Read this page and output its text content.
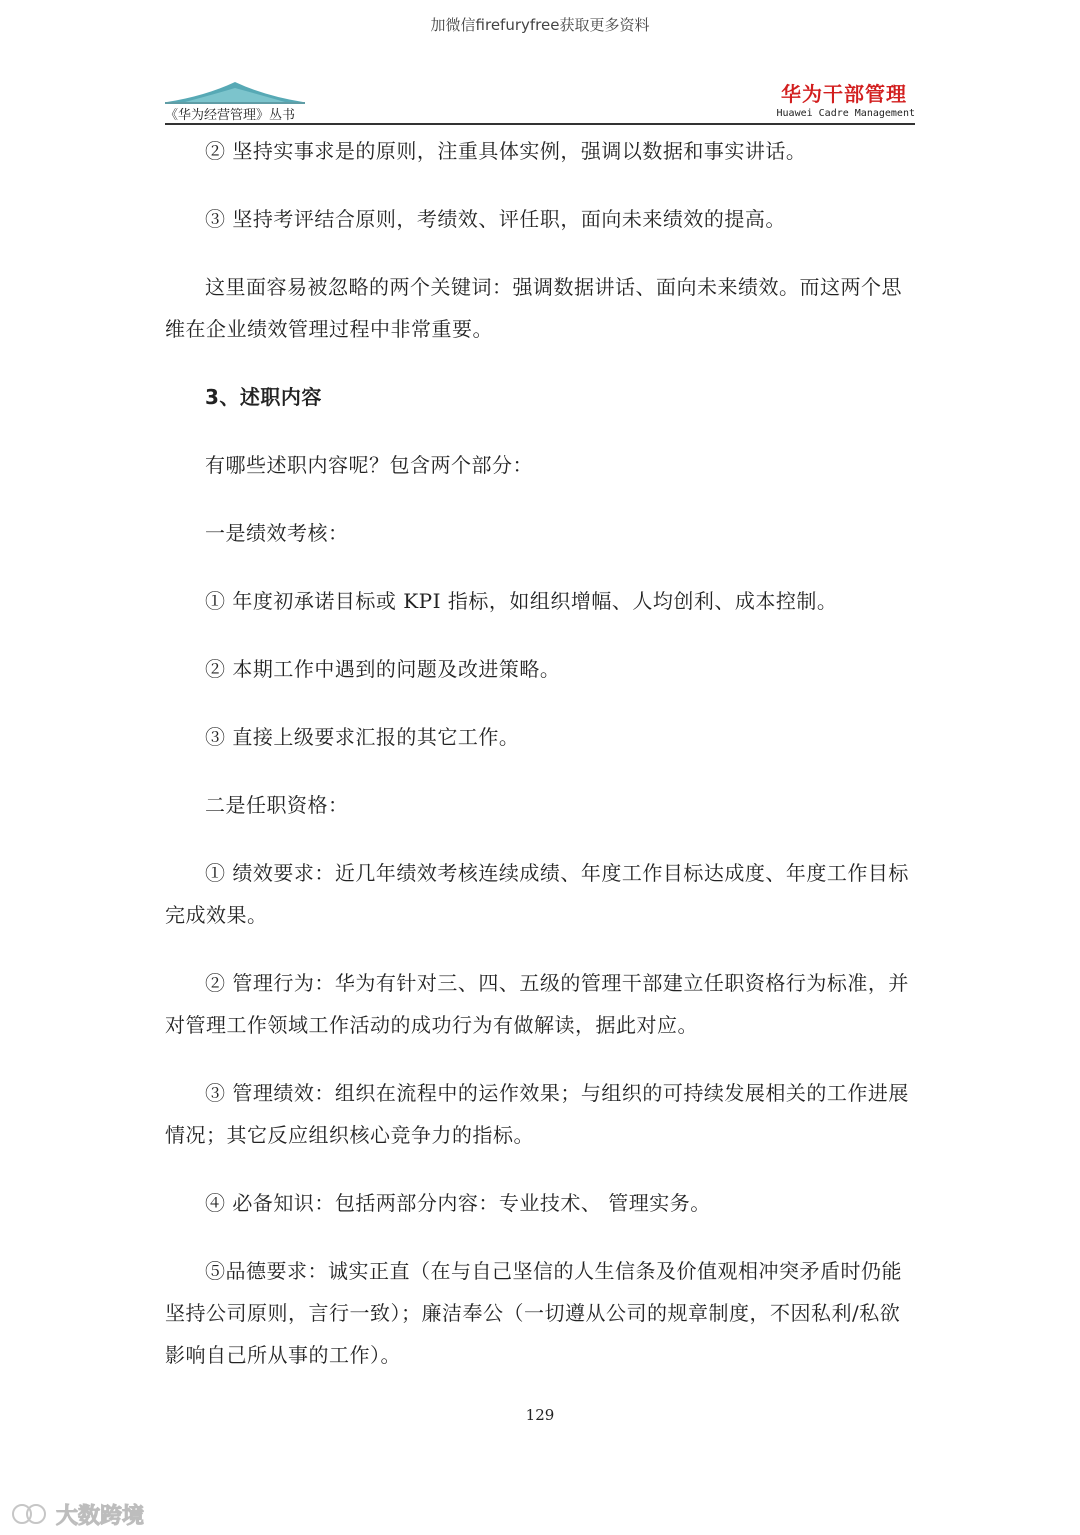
加微信firefuryfree获取更多资料
《华为经营管理》丛书
华为干部管理
Huawei Cadre Management

② 坚持实事求是的原则，注重具体实例，强调以数据和事实讲话。

③ 坚持考评结合原则，考绩效、评任职，面向未来绩效的提高。

这里面容易被忽略的两个关键词：强调数据讲话、面向未来绩效。而这两个思维在企业绩效管理过程中非常重要。

3、述职内容

有哪些述职内容呢？包含两个部分：

一是绩效考核：

① 年度初承诺目标或 KPI 指标，如组织增幅、人均创利、成本控制。

② 本期工作中遇到的问题及改进策略。

③ 直接上级要求汇报的其它工作。

二是任职资格：

① 绩效要求：近几年绩效考核连续成绩、年度工作目标达成度、年度工作目标完成效果。

② 管理行为：华为有针对三、四、五级的管理干部建立任职资格行为标准，并对管理工作领域工作活动的成功行为有做解读，据此对应。

③ 管理绩效：组织在流程中的运作效果；与组织的可持续发展相关的工作进展情况；其它反应组织核心竞争力的指标。

④ 必备知识：包括两部分内容：专业技术、 管理实务。

⑤品德要求：诚实正直（在与自己坚信的人生信条及价值观相冲突矛盾时仍能坚持公司原则，言行一致）；廉洁奉公（一切遵从公司的规章制度，不因私利/私欲影响自己所从事的工作）。

129
大数跨境
